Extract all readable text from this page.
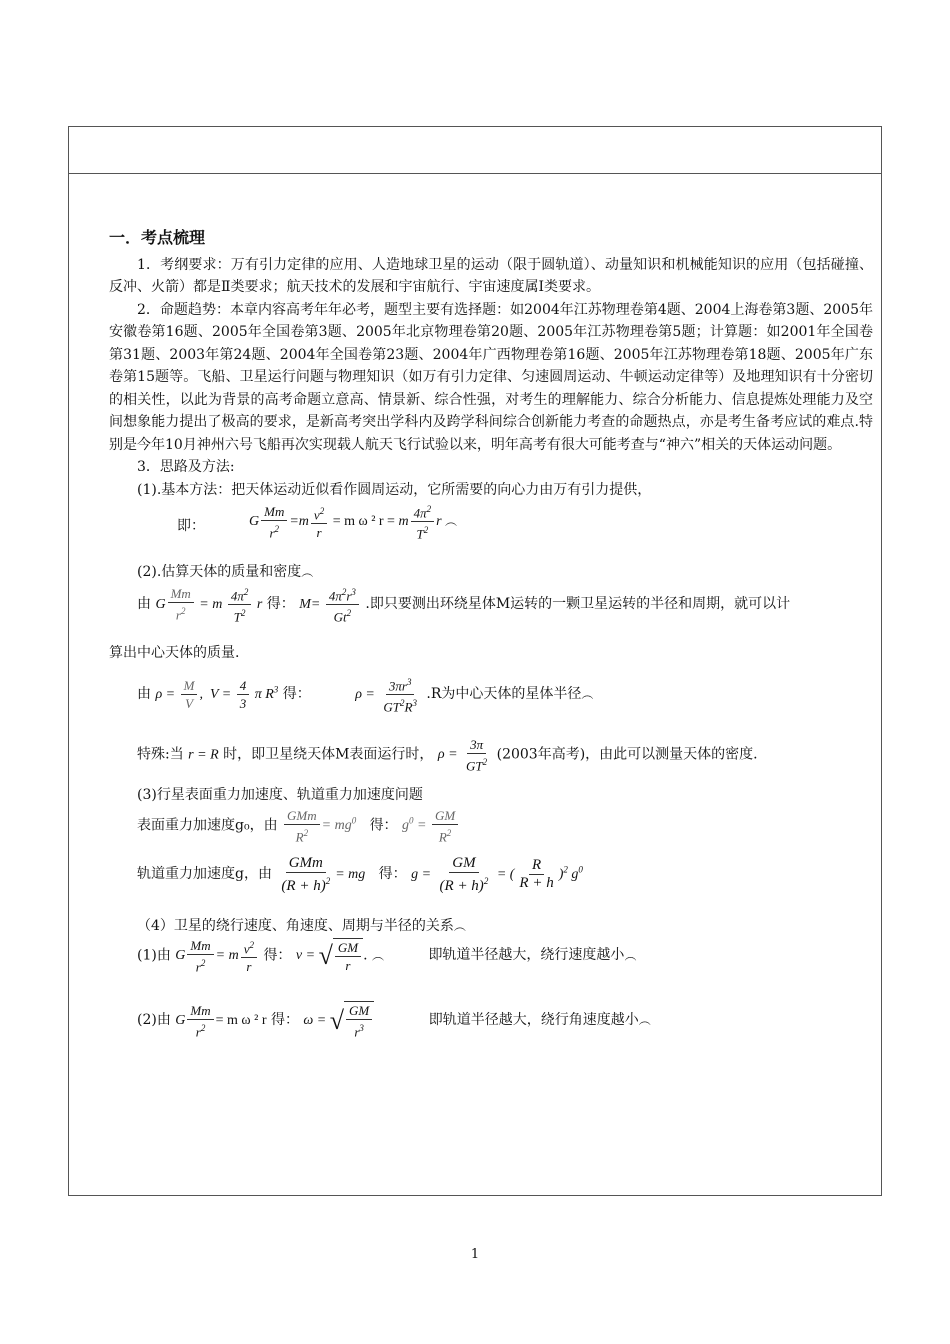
一．考点梳理

1．考纲要求：万有引力定律的应用、人造地球卫星的运动（限于圆轨道）、动量知识和机械能知识的应用（包括碰撞、反冲、火箭）都是Ⅱ类要求；航天技术的发展和宇宙航行、宇宙速度属Ⅰ类要求。

2．命题趋势：本章内容高考年年必考，题型主要有选择题：如2004年江苏物理卷第4题、2004上海卷第3题、2005年安徽卷第16题、2005年全国卷第3题、2005年北京物理卷第20题、2005年江苏物理卷第5题；计算题：如2001年全国卷第31题、2003年第24题、2004年全国卷第23题、2004年广西物理卷第16题、2005年江苏物理卷第18题、2005年广东卷第15题等。飞船、卫星运行问题与物理知识（如万有引力定律、匀速圆周运动、牛顿运动定律等）及地理知识有十分密切的相关性，以此为背景的高考命题立意高、情景新、综合性强，对考生的理解能力、综合分析能力、信息提炼处理能力及空间想象能力提出了极高的要求，是新高考突出学科内及跨学科间综合创新能力考查的命题热点，亦是考生备考应试的难点.特别是今年10月神州六号飞船再次实现载人航天飞行试验以来，明年高考有很大可能考查与“神六”相关的天体运动问题。

3．思路及方法:

(1).基本方法：把天体运动近似看作圆周运动，它所需要的向心力由万有引力提供，

即：	G $\frac{Mm}{r^2} =m \frac{v^2}{r} = m$ ω ² r = m $\frac{4\pi^2}{T^2}$ r ︵

(2).估算天体的质量和密度︵

由 G $\frac{Mm}{r^2} = m \frac{4\pi^2}{T^2}$ r 得： $M= \frac{4\pi^2r^3}{Gt^2}$ .即只要测出环绕星体M运转的一颗卫星运转的半径和周期，就可以计

算出中心天体的质量.

由 $\rho = \frac{M}{V}$ ,  $V = \frac{4}{3}$ π $R^3$ 得：	$\rho = \frac{3\pi r^3}{GT^2R^3} .R$为中心天体的星体半径︵
特殊:当 r = R 时，即卫星绕天体M表面运行时， $\rho = \frac{3\pi}{GT^2} (2003$年高考)，由此可以测量天体的密度.

(3)行星表面重力加速度、轨道重力加速度问题

表面重力加速度g₀，由 $\frac{\text{GMm}}{R^2} = mg^0$ 得： $g^0 = \frac{GM}{R^2}$
轨道重力加速度g，由 $\frac{\text{GMm}}{(R + h)^2}$ = mg 得： $g = \frac{GM}{(R + h)^2}$ = ( $\frac{R}{R + h} )^2$ $g^0$

（4）卫星的绕行速度、角速度、周期与半径的关系︵

(1)由 G $\frac{Mm}{r^2} = m \frac{v^2}{r}$ 得： v = √ $\frac{GM}{r}$ . ︵	即轨道半径越大，绕行速度越小︵
(2)由 G $\frac{Mm}{r^2} = m$ ω ² r 得： ω = √ $\frac{GM}{r^3}$	即轨道半径越大，绕行角速度越小︵
1
